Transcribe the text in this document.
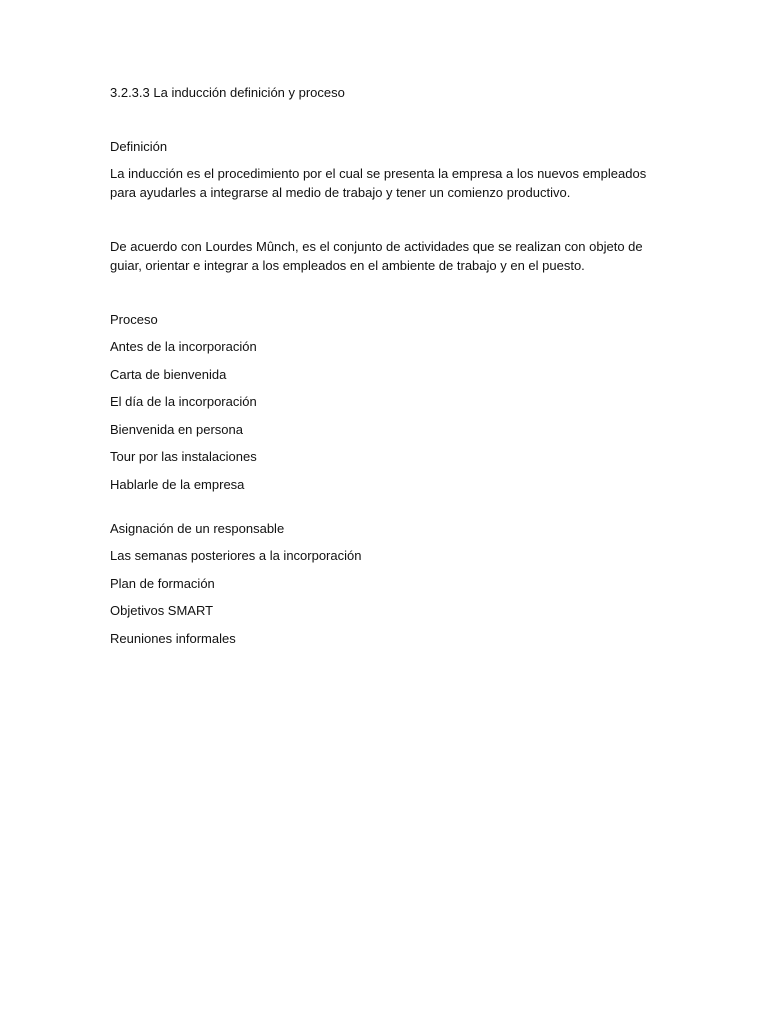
3.2.3.3 La inducción definición y proceso

Definición

La inducción es el procedimiento por el cual se presenta la empresa a los nuevos empleados para ayudarles a integrarse al medio de trabajo y tener un comienzo productivo.

De acuerdo con Lourdes Mûnch, es el conjunto de actividades que se realizan con objeto de guiar, orientar e integrar a los empleados en el ambiente de trabajo y en el puesto.

Proceso

Antes de la incorporación
Carta de bienvenida
El día de la incorporación
Bienvenida en persona
Tour por las instalaciones
Hablarle de la empresa
Asignación de un responsable
Las semanas posteriores a la incorporación
Plan de formación
Objetivos SMART
Reuniones informales
